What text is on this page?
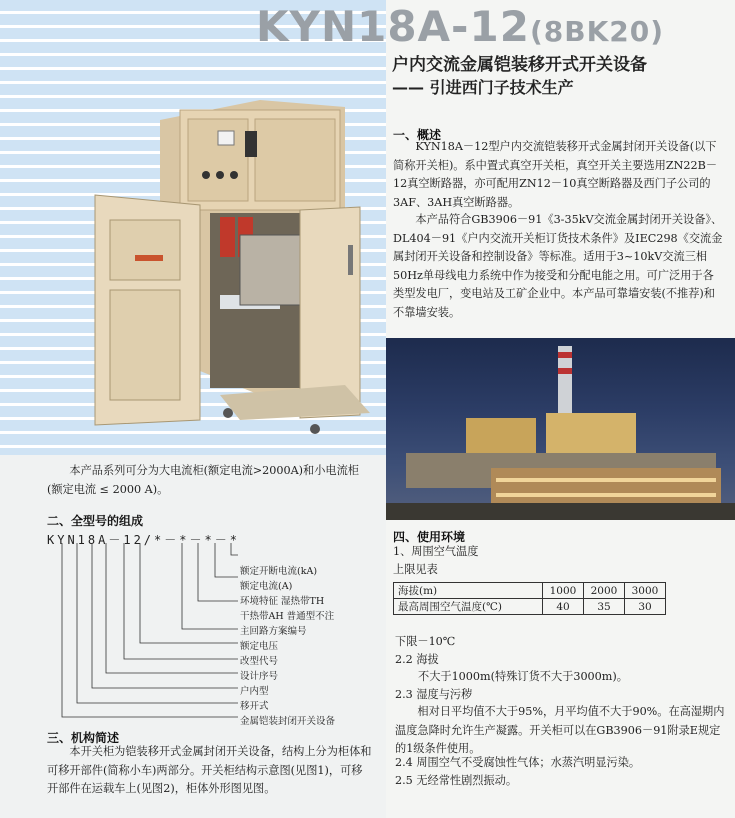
KYN18A-12(8BK20)
户内交流金属铠装移开式开关设备
—— 引进西门子技术生产
一、概述
KYN18A－12型户内交流铠装移开式金属封闭开关设备(以下简称开关柜)。系中置式真空开关柜，真空开关主要选用ZN22B－12真空断路器，亦可配用ZN12－10真空断路器及西门子公司的3AF、3AH真空断路器。
本产品符合GB3906－91《3-35kV交流金属封闭开关设备》、DL404－91《户内交流开关柜订货技术条件》及IEC298《交流金属封闭开关设备和控制设备》等标准。适用于3~10kV交流三相50Hz单母线电力系统中作为接受和分配电能之用。可广泛用于各类型发电厂，变电站及工矿企业中。本产品可靠墙安装(不推荐)和不靠墙安装。
本产品系列可分为大电流柜(额定电流>2000A)和小电流柜(额定电流 ≤ 2000 A)。
二、全型号的组成
KYN18A－12/*－*－*－*
额定开断电流(kA)
额定电流(A)
环境特征 湿热带TH
干热带AH 普通型不注
主回路方案编号
额定电压
改型代号
设计序号
户内型
移开式
金属铠装封闭开关设备
三、机构简述
本开关柜为铠装移开式金属封闭开关设备，结构上分为柜体和可移开部件(简称小车)两部分。开关柜结构示意图(见图1)，可移开部件在运载车上(见图2)，柜体外形图见图。
四、使用环境
1、周围空气温度
上限见表
海拔(m)	1000	2000	3000
最高周围空气温度(℃)	40	35	30
下限－10℃
2.2 海拔
不大于1000m(特殊订货不大于3000m)。
2.3 湿度与污秽
相对日平均值不大于95%，月平均值不大于90%。在高湿期内温度急降时允许生产凝露。开关柜可以在GB3906－91附录E规定的1级条件使用。
2.4 周围空气不受腐蚀性气体；水蒸汽明显污染。
2.5 无经常性剧烈振动。
